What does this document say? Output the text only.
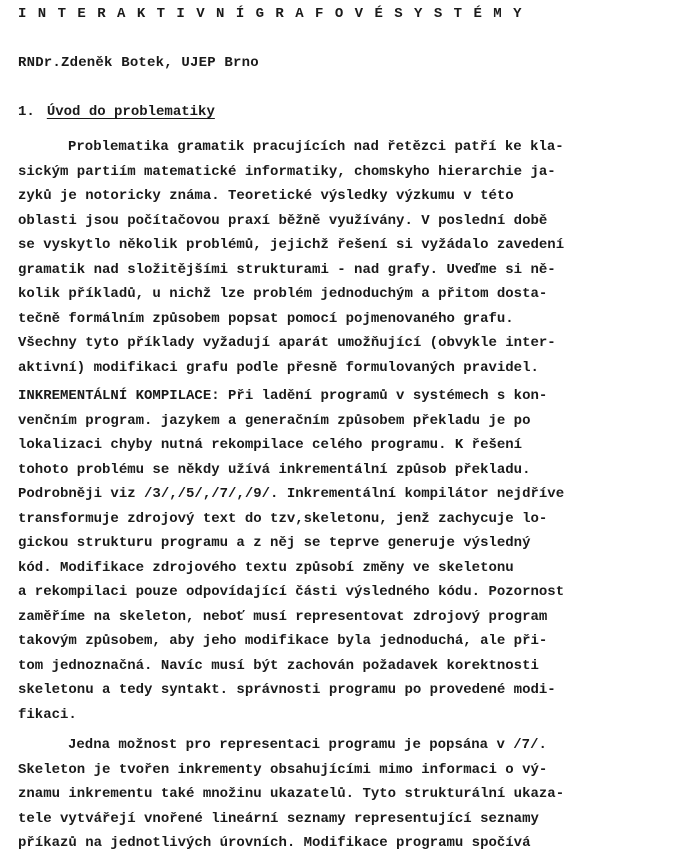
I N T E R A K T I V N Í G R A F O V É S Y S T É M Y
RNDr.Zdeněk Botek, UJEP Brno
1. Úvod do problematiky
Problematika gramatik pracujících nad řetězci patří ke kla-
sickým partiím matematické informatiky, chomskyho hierarchie ja-
zyků je notoricky známa. Teoretické výsledky výzkumu v této
oblasti jsou počítačovou praxí běžně využívány. V poslední době
se vyskytlo několik problémů, jejichž řešení si vyžádalo zavedení
gramatik nad složitějšími strukturami - nad grafy. Uveďme si ně-
kolik příkladů, u nichž lze problém jednoduchým a přitom dosta-
tečně formálním způsobem popsat pomocí pojmenovaného grafu.
Všechny tyto příklady vyžadují aparát umožňující (obvykle inter-
aktivní) modifikaci grafu podle přesně formulovaných pravidel.
INKREMENTÁLNÍ KOMPILACE: Při ladění programů v systémech s kon-
venčním program. jazykem a generačním způsobem překladu je po
lokalizaci chyby nutná rekompilace celého programu. K řešení
tohoto problému se někdy užívá inkrementální způsob překladu.
Podrobněji viz /3/,/5/,/7/,/9/. Inkrementální kompilátor nejdříve
transformuje zdrojový text do tzv,skeletonu, jenž zachycuje lo-
gickou strukturu programu a z něj se teprve generuje výsledný
kód. Modifikace zdrojového textu způsobí změny ve skeletonu
a rekompilaci pouze odpovídající části výsledného kódu. Pozornost
zaměříme na skeleton, neboť musí representovat zdrojový program
takovým způsobem, aby jeho modifikace byla jednoduchá, ale při-
tom jednoznačná. Navíc musí být zachován požadavek korektnosti
skeletonu a tedy syntakt. správnosti programu po provedené modi-
fikaci.
Jedna možnost pro representaci programu je popsána v /7/.
Skeleton je tvořen inkrementy obsahujícími mimo informaci o vý-
znamu inkrementu také množinu ukazatelů. Tyto strukturální ukaza-
tele vytvářejí vnořené lineární seznamy representující seznamy
příkazů na jednotlivých úrovních. Modifikace programu spočívá
